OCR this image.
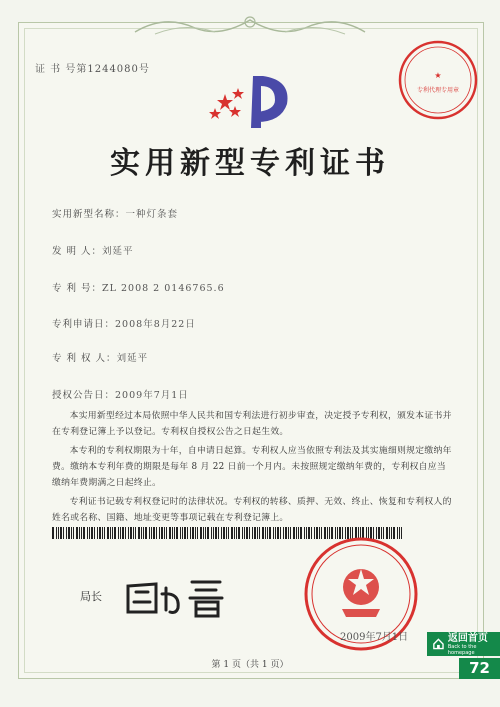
证 书 号第1244080号
实用新型专利证书
实用新型名称：一种灯条套
发 明 人：刘延平
专 利 号：ZL 2008 2 0146765.6
专利申请日：2008年8月22日
专 利 权 人：刘延平
授权公告日：2009年7月1日

本实用新型经过本局依照中华人民共和国专利法进行初步审查，决定授予专利权，颁发本证书并在专利登记簿上予以登记。专利权自授权公告之日起生效。

本专利的专利权期限为十年，自申请日起算。专利权人应当依照专利法及其实施细则规定缴纳年费。缴纳本专利年费的期限是每年 8 月 22 日前一个月内。未按照规定缴纳年费的，专利权自应当缴纳年费期满之日起终止。

专利证书记载专利权登记时的法律状况。专利权的转移、质押、无效、终止、恢复和专利权人的姓名或名称、国籍、地址变更等事项记载在专利登记簿上。

局长
★
专利代理专用章
2009年7月1日
第 1 页（共 1 页）
返回首页
Back to the homepage
72
